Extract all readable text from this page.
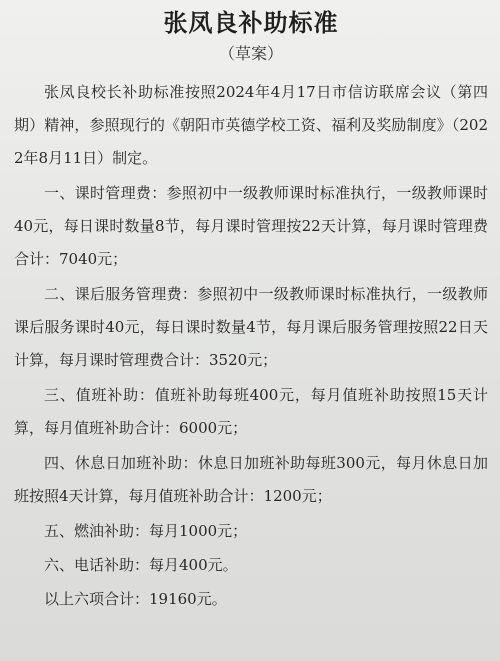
张凤良补助标准
（草案）

张凤良校长补助标准按照2024年4月17日市信访联席会议（第四期）精神，参照现行的《朝阳市英德学校工资、福利及奖励制度》（2022年8月11日）制定。

一、课时管理费：参照初中一级教师课时标准执行，一级教师课时40元，每日课时数量8节，每月课时管理按22天计算，每月课时管理费合计：7040元；

二、课后服务管理费：参照初中一级教师课时标准执行，一级教师课后服务课时40元，每日课时数量4节，每月课后服务管理按照22日天计算，每月课时管理费合计：3520元；

三、值班补助：值班补助每班400元，每月值班补助按照15天计算，每月值班补助合计：6000元；

四、休息日加班补助：休息日加班补助每班300元，每月休息日加班按照4天计算，每月值班补助合计：1200元；

五、燃油补助：每月1000元；

六、电话补助：每月400元。

以上六项合计：19160元。
